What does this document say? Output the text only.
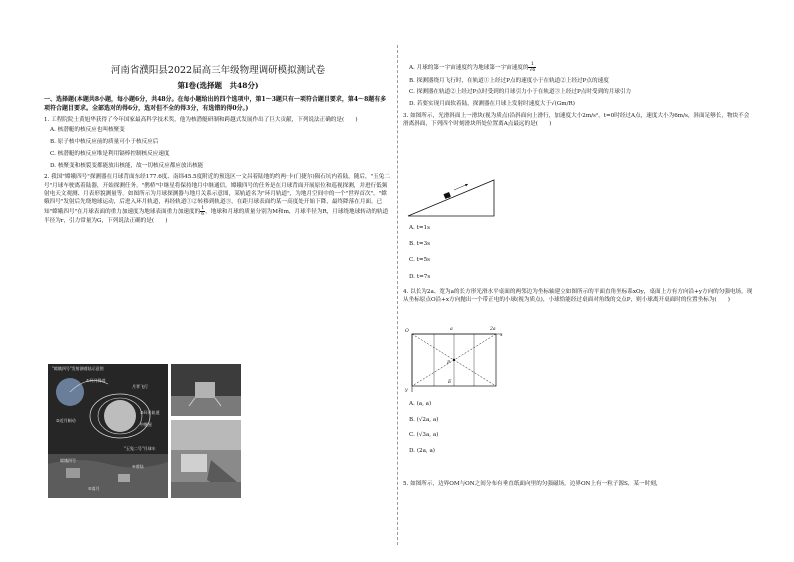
河南省濮阳县2022届高三年级物理调研模拟测试卷
第Ⅰ卷(选择题　共48分)
一、选择题(本题共8小题，每小题6分，共48分。在每小题给出的四个选项中，第1～3题只有一项符合题目要求，第4～8题有多项符合题目要求。全部选对的得6分，选对但不全的得3分，有选错的得0分。)

1. 工程院院士黄旭华获得了今年国家最高科学技术奖，他为核潜艇研制和跨越式发展作出了巨大贡献，下列说法正确的是(　　)

A. 核潜艇的核反应也叫核聚变

B. 原子核中核反应前的质量可小于核反应后

C. 核潜艇的核反应堆是利用镉棒控制核反应速度

D. 核聚变和核裂变都能放出核能，故一切核反应都应放出核能

2. 我国"嫦娥四号"探测器在月球背面东经177.6度、南纬45.5度附近的预选区一文昌着陆地的约两·卡(门捷尔)陨石坑内着陆，随后，"玉兔二号"月球车驶离着陆器，开始探测任务，"鹊桥"中继星将保持地月中继通信。嫦娥四号的任务是在月球背面开展原位和巡视探测，并进行低频射电天文观测、月表形貌测量等。如图所示为月球探测器与地月关系示意图，某轨道名为"环月轨道"，为地月空间中的一个"世界首次"。"嫦娥四号"发射后先绕地球运动，后进入环月轨道，再经轨道①②转移到轨道③，在距月球表面约某一高度处开始下降，最终降落在月面。已知"嫦娥四号"在月球表面的重力加速度为地球表面重力加速度的 $\frac{1}{6}$ ，地球和月球的质量分别为M和m，月球半径为R，月球绕地球转动的轨道半径为r，引力常量为G，下列说法正确的是(　　)

"嫦娥四号"发射测着陆示意图
①环月降落
月背飞行
②近月制动
③环月轨道
中继星
"玉兔二号"月球车
嫦娥四号
④着陆
⑤落月

A. 月球的第一宇宙速度约为地球第一宇宙速度的 $\frac{1}{√6}$

B. 探测器绕月飞行时，在轨道①上经过P点的速度小于在轨道②上经过P点的速度

C. 探测器在轨道②上经过P点时受到的月球引力小于在轨道③上经过P点时受到的月球引力

D. 若要实现月面软着陆，探测器在月球上发射时速度大于√(Gm/R)

3. 如图所示，光滑斜面上一滑块(视为质点)沿斜面向上滑行，加速度大小2m/s²，t=0时经过A点，速度大小为6m/s，斜面足够长，物块不会滑离斜面，下列四个时刻滑块所处位置离A点最远的是(　　)

A

A. t=1s

B. t=3s

C. t=5s

D. t=7s

4. 以长为2a、宽为a的长方形光滑水平桌面的两邻边为坐标轴建立如图所示的平面直角坐标系xOy，桌面上方有方向沿+y方向的匀强电场，现从坐标原点O沿+x方向抛出一个带正电的小球(视为质点)，小球恰能经过桌面对角线的交点P，则小球离开桌面时的位置坐标为(　　)

O	a	2a
x
y
P
E

A. (a, a)

B. (√2a, a)

C. (√3a, a)

D. (2a, a)

5. 如图所示，边界OM与ON之间分布有垂直纸面向里的匀强磁场，边界ON上有一粒子源S，某一时刻，
